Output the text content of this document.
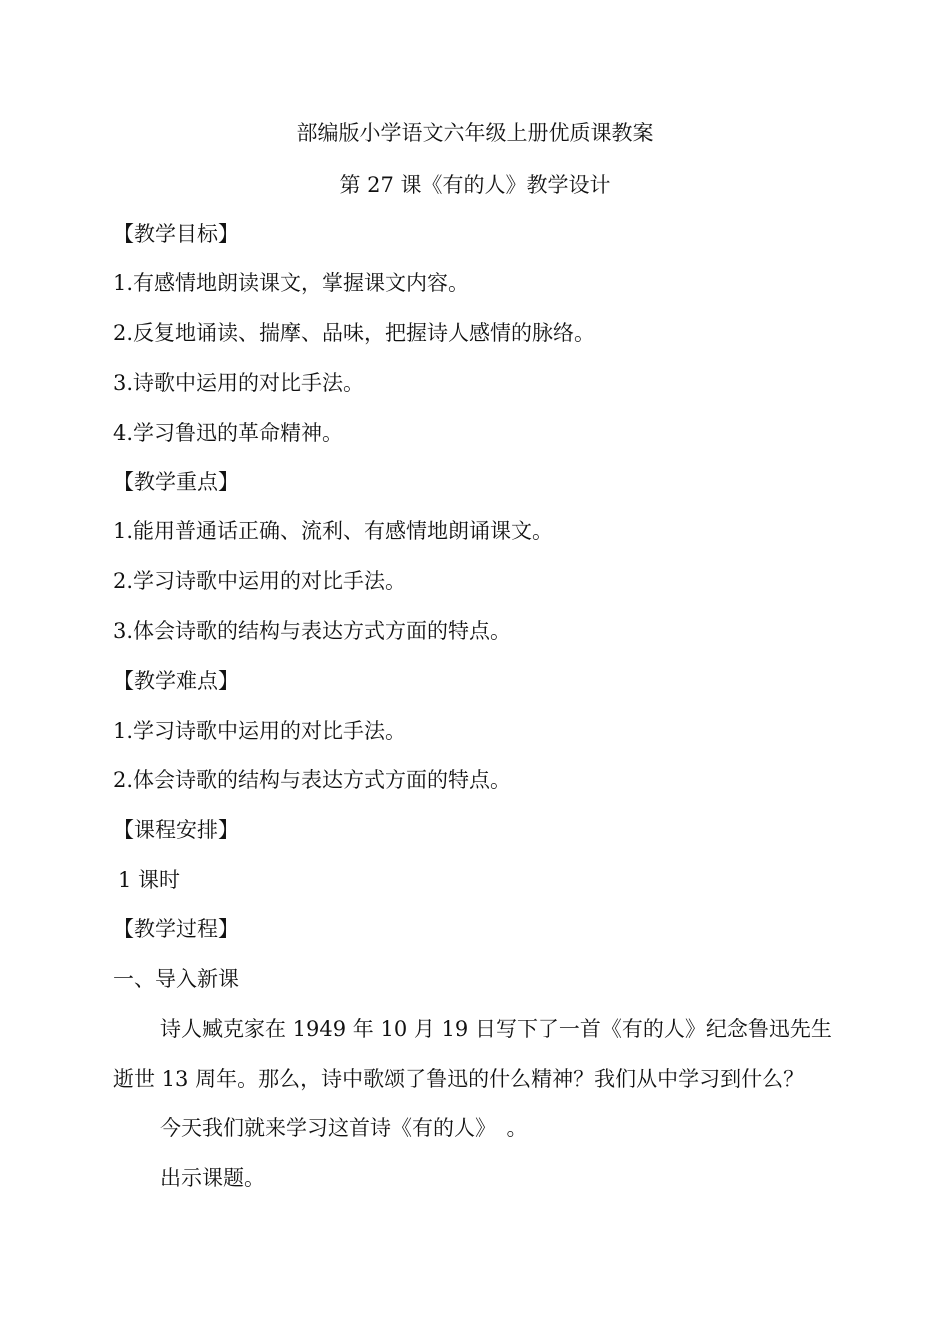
部编版小学语文六年级上册优质课教案
第 27 课《有的人》教学设计
【教学目标】
1.有感情地朗读课文，掌握课文内容。
2.反复地诵读、揣摩、品味，把握诗人感情的脉络。
3.诗歌中运用的对比手法。
4.学习鲁迅的革命精神。
【教学重点】
1.能用普通话正确、流利、有感情地朗诵课文。
2.学习诗歌中运用的对比手法。
3.体会诗歌的结构与表达方式方面的特点。
【教学难点】
1.学习诗歌中运用的对比手法。
2.体会诗歌的结构与表达方式方面的特点。
【课程安排】
1 课时
【教学过程】
一、导入新课
诗人臧克家在 1949 年 10 月 19 日写下了一首《有的人》纪念鲁迅先生
逝世 13 周年。那么，诗中歌颂了鲁迅的什么精神？我们从中学习到什么？
今天我们就来学习这首诗《有的人》　。
出示课题。
